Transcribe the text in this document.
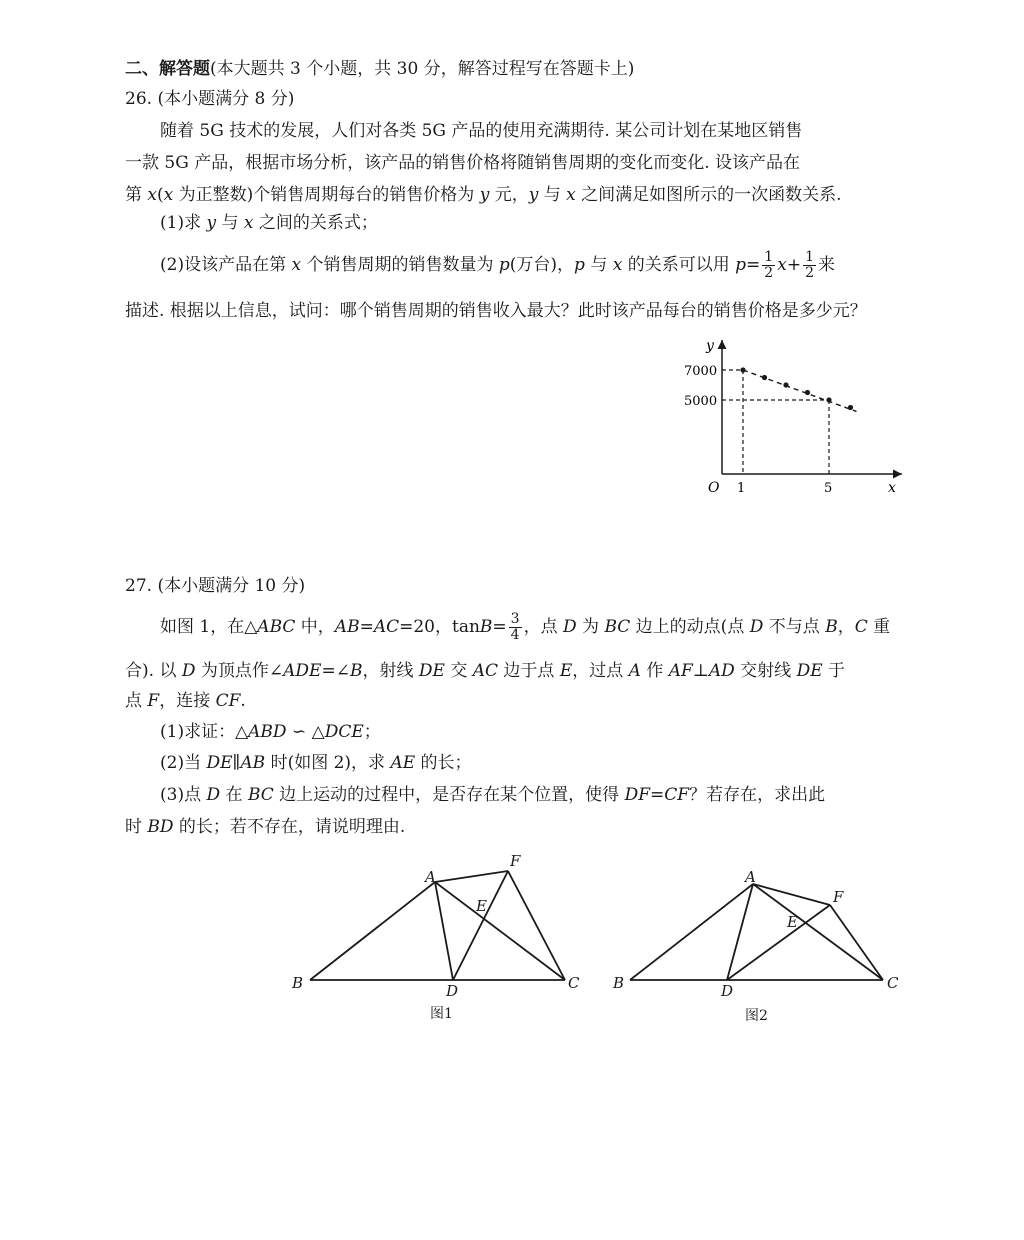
二、解答题(本大题共 3 个小题，共 30 分，解答过程写在答题卡上)
26. (本小题满分 8 分)
随着 5G 技术的发展，人们对各类 5G 产品的使用充满期待. 某公司计划在某地区销售
一款 5G 产品，根据市场分析，该产品的销售价格将随销售周期的变化而变化. 设该产品在
第 x(x 为正整数)个销售周期每台的销售价格为 y 元，y 与 x 之间满足如图所示的一次函数关系.
(1)求 y 与 x 之间的关系式；
(2)设该产品在第 x 个销售周期的销售数量为 p(万台)，p 与 x 的关系可以用 $p= \frac{1}{2} x+ \frac{1}{2}$ 来
描述. 根据以上信息，试问：哪个销售周期的销售收入最大？此时该产品每台的销售价格是多少元？
y
x
O
7000
5000
1	5
27. (本小题满分 10 分)
如图 1，在△ABC 中，AB=AC=20，$\tan B= \frac{3}{4}$ ，点 D 为 BC 边上的动点(点 D 不与点 B，C 重
合). 以 D 为顶点作∠ADE=∠B，射线 DE 交 AC 边于点 E，过点 A 作 AF⊥AD 交射线 DE 于
点 F，连接 CF.
(1)求证：△ABD ∽ △DCE；
(2)当 DE∥AB 时(如图 2)，求 AE 的长；
(3)点 D 在 BC 边上运动的过程中，是否存在某个位置，使得 DF=CF？若存在，求出此
时 BD 的长；若不存在，请说明理由.
A
B	C
D
E
F
图1
A
B	C
D
E
F
图2
